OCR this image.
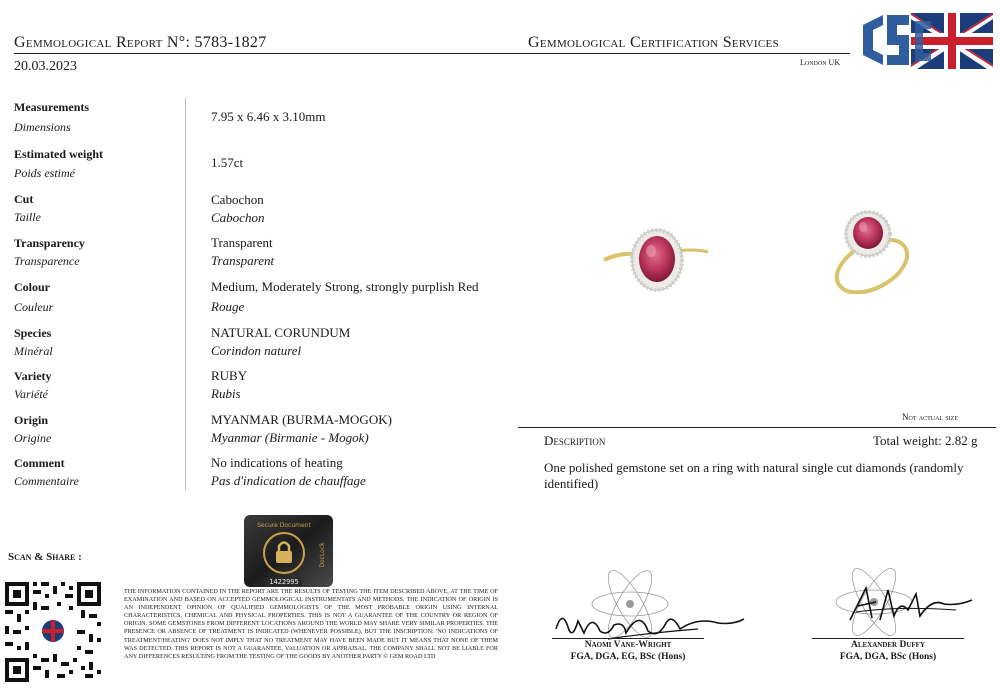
Gemmological Report N°: 5783-1827
20.03.2023
Gemmological Certification Services
London UK
Measurements
Dimensions
7.95 x 6.46 x 3.10mm
Estimated weight
Poids estimé
1.57ct
Cut
Taille
Cabochon
Cabochon
Transparency
Transparence
Transparent
Transparent
Colour
Couleur
Medium, Moderately Strong, strongly purplish Red
Rouge
Species
Minéral
NATURAL CORUNDUM
Corindon naturel
Variety
Variété
RUBY
Rubis
Origin
Origine
MYANMAR (BURMA-MOGOK)
Myanmar (Birmanie - Mogok)
Comment
Commentaire
No indications of heating
Pas d'indication de chauffage
Not actual size
Description	Total weight: 2.82 g
One polished gemstone set on a ring with natural single cut diamonds (randomly identified)
Scan & Share :
Secure Document
DocLock
1422995
THE INFORMATION CONTAINED IN THE REPORT ARE THE RESULTS OF TESTING THE ITEM DESCRIBED ABOVE, AT THE TIME OF EXAMINATION AND BASED ON ACCEPTED GEMMOLOGICAL INSTRUMENTATS AND METHODS. THE INDICATION OF ORIGIN IS AN INDEPENDENT OPINION OF QUALIFIED GEMMOLOGISTS OF THE MOST PROBABLE ORIGIN USING INTERNAL CHARACTERISTICS, CHEMICAL AND PHYSICAL PROPERTIES. THIS IS NOT A GUARANTEE OF THE COUNTRY OR REGION OF ORIGIN. SOME GEMSTONES FROM DIFFERENT LOCATIONS AROUND THE WORLD MAY SHARE VERY SIMILAR PROPERTIES. THE PRESENCE OR ABSENCE OF TREATMENT IS INDICATED (WHENEVER POSSIBLE), BUT THE INSCRIPTION: 'NO INDICATIONS OF TREATMENT/HEATING' DOES NOT IMPLY THAT NO TREATMENT MAY HAVE BEEN MADE BUT IT MEANS THAT NONE OF THEM WAS DETECTED. THIS REPORT IS NOT A GUARANTEE, VALUATION OR APPRAISAL. THE COMPANY SHALL NOT BE LIABLE FOR ANY DIFFERENCES RESULTING FROM THE TESTING OF THE GOODS BY ANOTHER PARTY © GEM ROAD LTD
Naomi Vane-Wright
FGA, DGA, EG, BSc (Hons)
Alexander Duffy
FGA, DGA, BSc (Hons)
